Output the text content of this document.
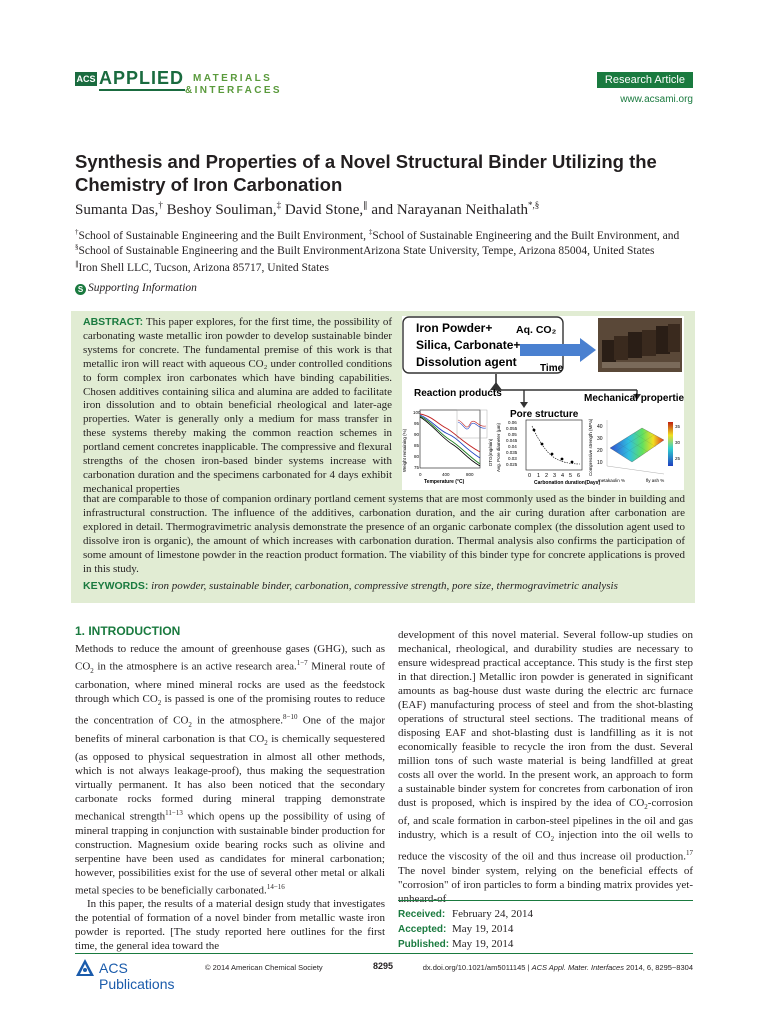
ACS APPLIED MATERIALS
&INTERFACES
Research Article
www.acsami.org
Synthesis and Properties of a Novel Structural Binder Utilizing the Chemistry of Iron Carbonation
Sumanta Das,† Beshoy Souliman,‡ David Stone,∥ and Narayanan Neithalath*,§
†School of Sustainable Engineering and the Built Environment, ‡School of Sustainable Engineering and the Built Environment, and
§School of Sustainable Engineering and the Built EnvironmentArizona State University, Tempe, Arizona 85004, United States
∥Iron Shell LLC, Tucson, Arizona 85717, United States
S Supporting Information
ABSTRACT: This paper explores, for the first time, the possibility of carbonating waste metallic iron powder to develop sustainable binder systems for concrete. The fundamental premise of this work is that metallic iron will react with aqueous CO₂ under controlled conditions to form complex iron carbonates which have binding capabilities. Chosen additives containing silica and alumina are added to facilitate iron dissolution and to obtain beneficial rheological and later-age properties. Water is generally only a medium for mass transfer in these systems thereby making the common reaction schemes in portland cement concretes inapplicable. The compressive and flexural strengths of the chosen iron-based binder systems increase with carbonation duration and the specimens carbonated for 4 days exhibit mechanical properties
that are comparable to those of companion ordinary portland cement systems that are most commonly used as the binder in building and infrastructural construction. The influence of the additives, carbonation duration, and the air curing duration after carbonation are explored in detail. Thermogravimetric analysis demonstrate the presence of an organic carbonate complex (the dissolution agent used to dissolve iron is organic), the amount of which increases with carbonation duration. Thermal analysis also confirms the participation of some amount of limestone powder in the reaction product formation. The viability of this binder type for concrete applications is proved in this study.
KEYWORDS: iron powder, sustainable binder, carbonation, compressive strength, pore size, thermogravimetric analysis
Iron Powder+
Silica, Carbonate+
Dissolution agent
Aq. CO₂
Time
Reaction products	Mechanical properties
Pore structure
Weight remaining (%)
100
95
90
85
80
75
0	400	800
Temperature (°C)
DTG(mg/min) Avg. Pore diameter (µm)
0.06
0.055
0.05
0.045
0.04
0.035
0.03
0.025
0 1 2 3 4 5 6
Carbonation duration(Days)
Compressive strength (MPa) 40
30
20
10
35
30
25
metakaolin %	fly ash %
1. INTRODUCTION

Methods to reduce the amount of greenhouse gases (GHG), such as $CO_2$ in the atmosphere is an active research area.$^{1-7}$ Mineral route of carbonation, where mined mineral rocks are used as the feedstock through which $CO_2$ is passed is one of the promising routes to reduce the concentration of $CO_2$ in the atmosphere.$^{8-10}$ One of the major benefits of mineral carbonation is that $CO_2$ is chemically sequestered (as opposed to physical sequestration in almost all other methods, which is not always leakage-proof), thus making the sequestration virtually permanent. It has also been noticed that the secondary carbonate rocks formed during mineral trapping demonstrate mechanical strength$^{11-13}$ which opens up the possibility of using of mineral trapping in conjunction with sustainable binder production for construction. Magnesium oxide bearing rocks such as olivine and serpentine have been used as candidates for mineral carbonation; however, possibilities exist for the use of several other metal or alkali metal species to be beneficially carbonated.$^{14-16}$

In this paper, the results of a material design study that investigates the potential of formation of a novel binder from metallic waste iron powder is reported. [The study reported here outlines for the first time, the general idea toward the

development of this novel material. Several follow-up studies on mechanical, rheological, and durability studies are necessary to ensure widespread practical acceptance. This study is the first step in that direction.] Metallic iron powder is generated in significant amounts as bag-house dust waste during the electric arc furnace (EAF) manufacturing process of steel and from the shot-blasting operations of structural steel sections. The traditional means of disposing EAF and shot-blasting dust is landfilling as it is not economically feasible to recycle the iron from the dust. Several million tons of such waste material is being landfilled at great costs all over the world. In the present work, an approach to form a sustainable binder system for concretes from carbonation of iron dust is proposed, which is inspired by the idea of $CO_2$-corrosion of, and scale formation in carbon-steel pipelines in the oil and gas industry, which is a result of $CO_2$ injection into the oil wells to reduce the viscosity of the oil and thus increase oil production.$^{17}$ The novel binder system, relying on the beneficial effects of "corrosion" of iron particles to form a binding matrix provides yet-

Received: February 24, 2014
Accepted: May 19, 2014
Published: May 19, 2014
ACS Publications
© 2014 American Chemical Society	8295	dx.doi.org/10.1021/am5011145 | ACS Appl. Mater. Interfaces 2014, 6, 8295−8304
